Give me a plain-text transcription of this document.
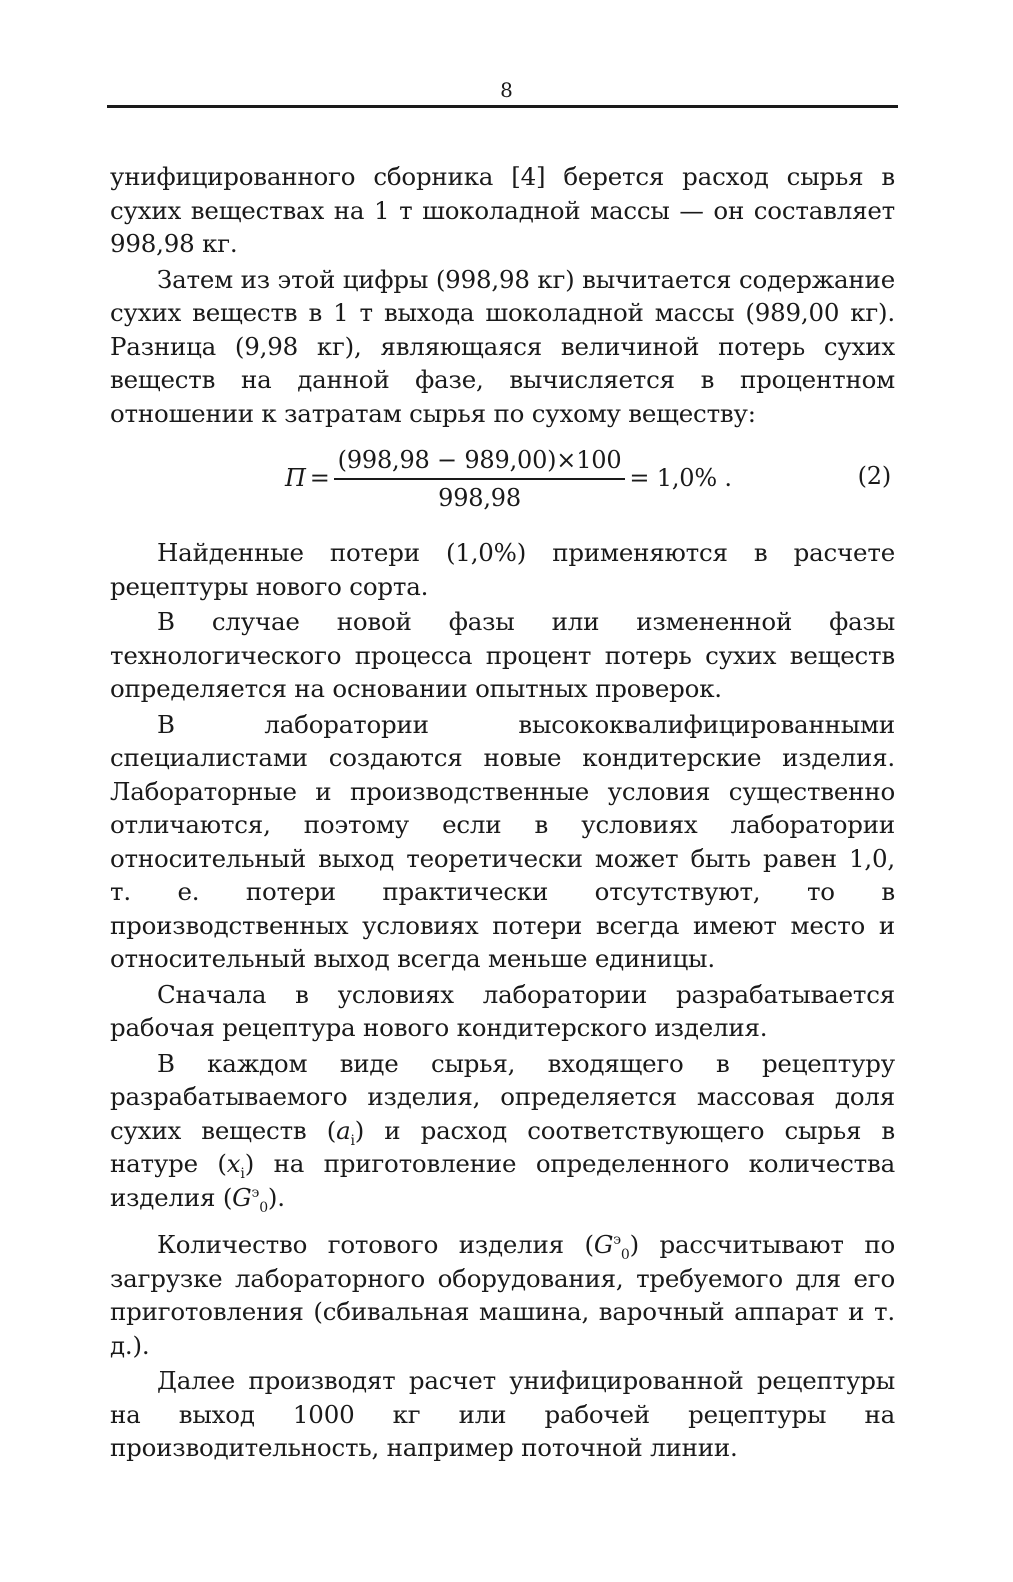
8

унифицированного сборника [4] берется расход сырья в сухих веществах на 1 т шоколадной массы — он составляет 998,98 кг.

Затем из этой цифры (998,98 кг) вычитается содержание сухих веществ в 1 т выхода шоколадной массы (989,00 кг). Разница (9,98 кг), являющаяся величиной потерь сухих веществ на данной фазе, вычисляется в процентном отношении к затратам сырья по сухому веществу:

$П = \frac{(998,98 - 989,00)\times 100}{998,98} = 1,0\%$ .	(2)

Найденные потери (1,0%) применяются в расчете рецептуры нового сорта.

В случае новой фазы или измененной фазы технологического процесса процент потерь сухих веществ определяется на основании опытных проверок.

В лаборатории высококвалифицированными специалистами создаются новые кондитерские изделия. Лабораторные и производственные условия существенно отличаются, поэтому если в условиях лаборатории относительный выход теоретически может быть равен 1,0, т. е. потери практически отсутствуют, то в производственных условиях потери всегда имеют место и относительный выход всегда меньше единицы.

Сначала в условиях лаборатории разрабатывается рабочая рецептура нового кондитерского изделия.

В каждом виде сырья, входящего в рецептуру разрабатываемого изделия, определяется массовая доля сухих веществ $(a_i)$ и расход соответствующего сырья в натуре $(x_i)$ на приготовление определенного количества изделия $(G^э_0)$.

Количество готового изделия $(G^э_0)$ рассчитывают по загрузке лабораторного оборудования, требуемого для его приготовления (сбивальная машина, варочный аппарат и т. д.).

Далее производят расчет унифицированной рецептуры на выход 1000 кг или рабочей рецептуры на производительность, например поточной линии.
